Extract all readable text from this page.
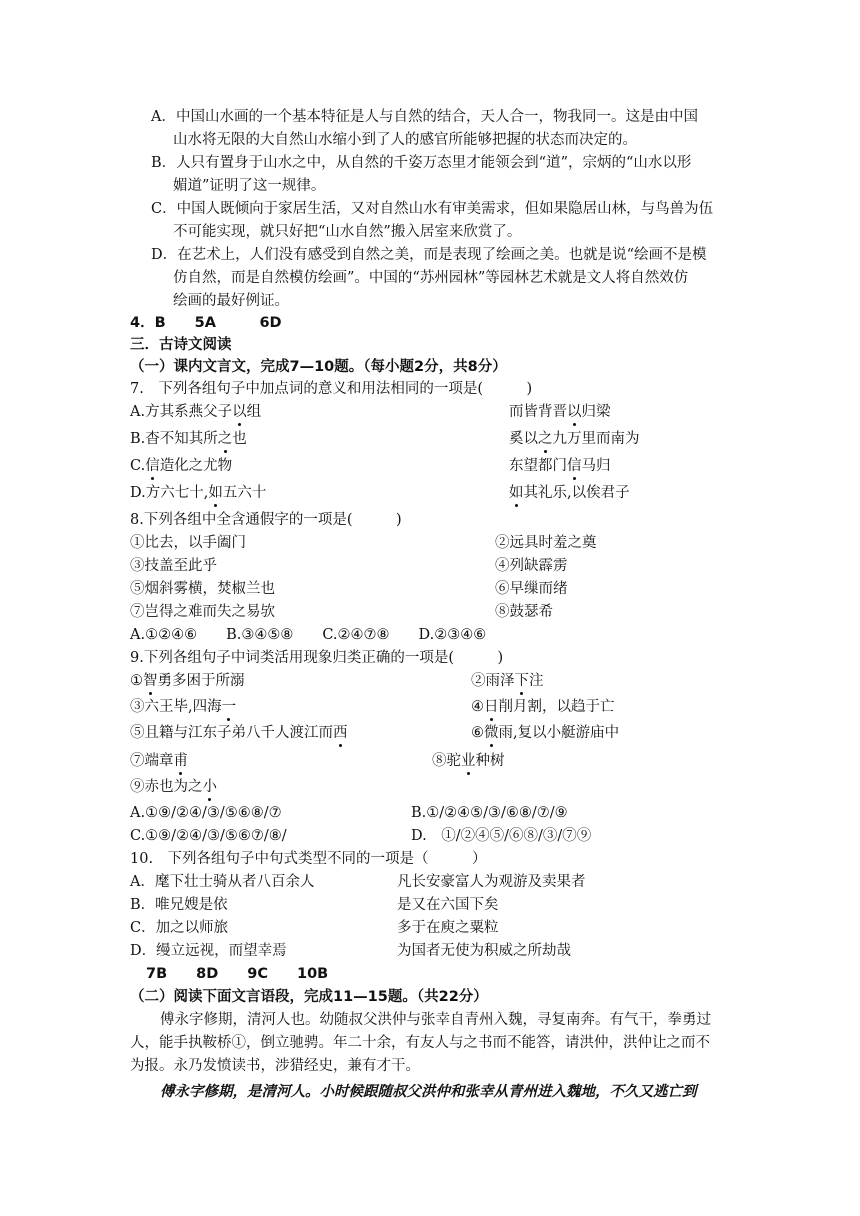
A．中国山水画的一个基本特征是人与自然的结合，天人合一，物我同一。这是由中国
山水将无限的大自然山水缩小到了人的感官所能够把握的状态而决定的。
B．人只有置身于山水之中，从自然的千姿万态里才能领会到“道”，宗炳的“山水以形
媚道”证明了这一规律。
C．中国人既倾向于家居生活，又对自然山水有审美需求，但如果隐居山林，与鸟兽为伍
不可能实现，就只好把“山水自然”搬入居室来欣赏了。
D．在艺术上，人们没有感受到自然之美，而是表现了绘画之美。也就是说“绘画不是模
仿自然，而是自然模仿绘画”。中国的“苏州园林”等园林艺术就是文人将自然效仿
绘画的最好例证。
4．B　　5A　　　6D
三．古诗文阅读
（一）课内文言文，完成7—10题。（每小题2分，共8分）
7.　下列各组句子中加点词的意义和用法相同的一项是(　　　)
A.方其系燕父子以组	而皆背晋以归梁
B.杳不知其所之也	奚以之九万里而南为
C.信造化之尤物	东望都门信马归
D.方六七十,如五六十	如其礼乐,以俟君子
8.下列各组中全含通假字的一项是(　　　)
①比去，以手阖门	②远具时羞之奠
③技盖至此乎	④列缺霹雳
⑤烟斜雾横，焚椒兰也	⑥早缫而绪
⑦岂得之难而失之易欤	⑧鼓瑟希
A.①②④⑥　　B.③④⑤⑧　　C.②④⑦⑧　　D.②③④⑥
9.下列各组句子中词类活用现象归类正确的一项是(　　　)
①智勇多困于所溺	②雨泽下注
③六王毕,四海一	④日削月割，以趋于亡
⑤且籍与江东子弟八千人渡江而西	⑥微雨,复以小艇游庙中
⑦端章甫	⑧驼业种树
⑨赤也为之小
A.①⑨/②④/③/⑤⑥⑧/⑦	B.①/②④⑤/③/⑥⑧/⑦/⑨
C.①⑨/②④/③/⑤⑥⑦/⑧/	D.　①/②④⑤/⑥⑧/③/⑦⑨
10.　下列各组句子中句式类型不同的一项是（　　　）
A．麾下壮士骑从者八百余人	凡长安豪富人为观游及卖果者
B．唯兄嫂是依	是又在六国下矣
C．加之以师旅	多于在庾之粟粒
D．缦立远视，而望幸焉	为国者无使为积威之所劫哉
7B　　8D　　9C　　10B
（二）阅读下面文言语段，完成11—15题。（共22分）
傅永字修期，清河人也。幼随叔父洪仲与张幸自青州入魏，寻复南奔。有气干，拳勇过
人，能手执鞍桥①，倒立驰骋。年二十余，有友人与之书而不能答，请洪仲，洪仲让之而不
为报。永乃发愤读书，涉猎经史，兼有才干。
傅永字修期，是清河人。小时候跟随叔父洪仲和张幸从青州进入魏地，不久又逃亡到
